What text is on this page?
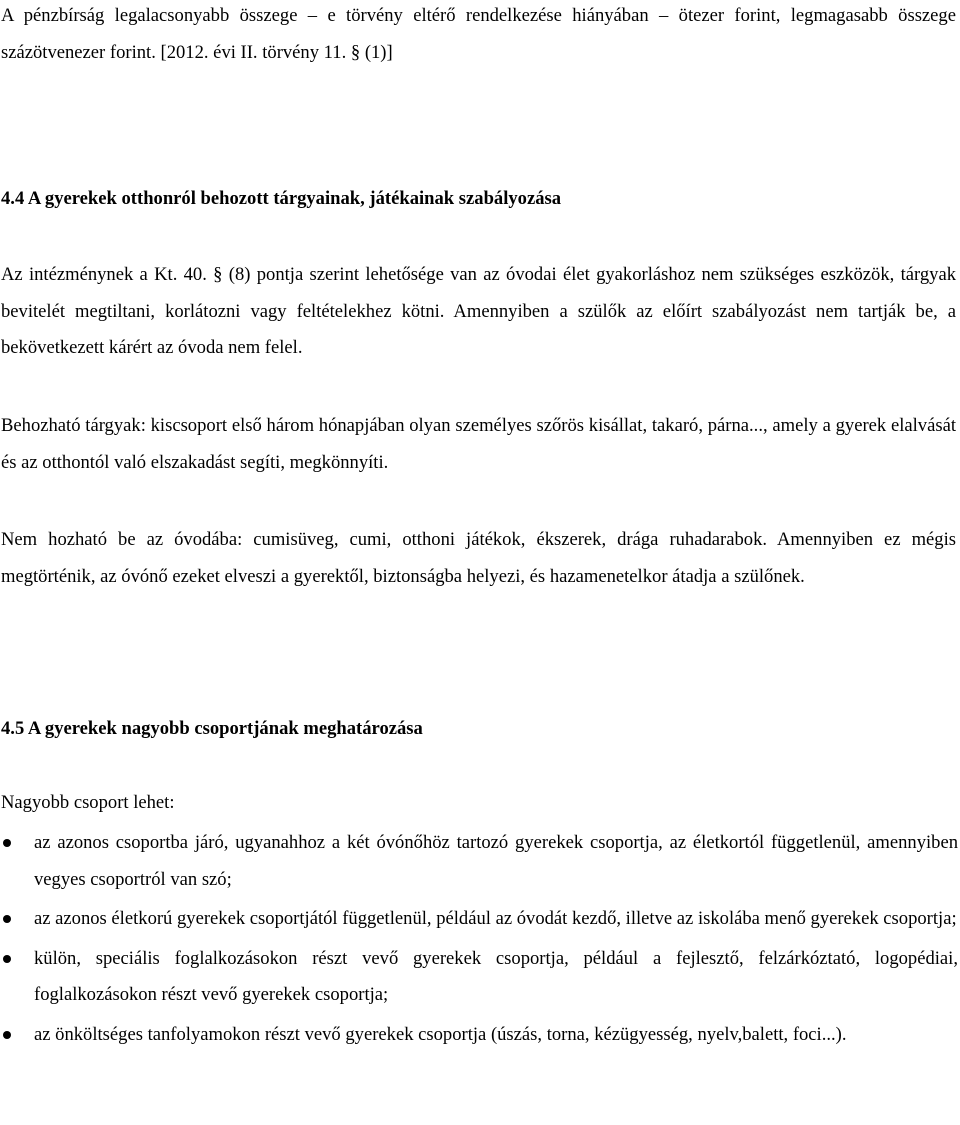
A pénzbírság legalacsonyabb összege – e törvény eltérő rendelkezése hiányában – ötezer forint, legmagasabb összege százötvenezer forint. [2012. évi II. törvény 11. § (1)]

4.4 A gyerekek otthonról behozott tárgyainak, játékainak szabályozása

Az intézménynek a Kt. 40. § (8) pontja szerint lehetősége van az óvodai élet gyakorláshoz nem szükséges eszközök, tárgyak bevitelét megtiltani, korlátozni vagy feltételekhez kötni. Amennyiben a szülők az előírt szabályozást nem tartják be, a bekövetkezett kárért az óvoda nem felel.

Behozható tárgyak: kiscsoport első három hónapjában olyan személyes szőrös kisállat, takaró, párna..., amely a gyerek elalvását és az otthontól való elszakadást segíti, megkönnyíti.

Nem hozható be az óvodába: cumisüveg, cumi, otthoni játékok, ékszerek, drága ruhadarabok. Amennyiben ez mégis megtörténik, az óvónő ezeket elveszi a gyerektől, biztonságba helyezi, és hazamenetelkor átadja a szülőnek.

4.5 A gyerekek nagyobb csoportjának meghatározása

Nagyobb csoport lehet:

az azonos csoportba járó, ugyanahhoz a két óvónőhöz tartozó gyerekek csoportja, az életkortól függetlenül, amennyiben vegyes csoportról van szó;
az azonos életkorú gyerekek csoportjától függetlenül, például az óvodát kezdő, illetve az iskolába menő gyerekek csoportja;
külön, speciális foglalkozásokon részt vevő gyerekek csoportja, például a fejlesztő, felzárkóztató, logopédiai, foglalkozásokon részt vevő gyerekek csoportja;
az önköltséges tanfolyamokon részt vevő gyerekek csoportja (úszás, torna, kézügyesség, nyelv,balett, foci...).
